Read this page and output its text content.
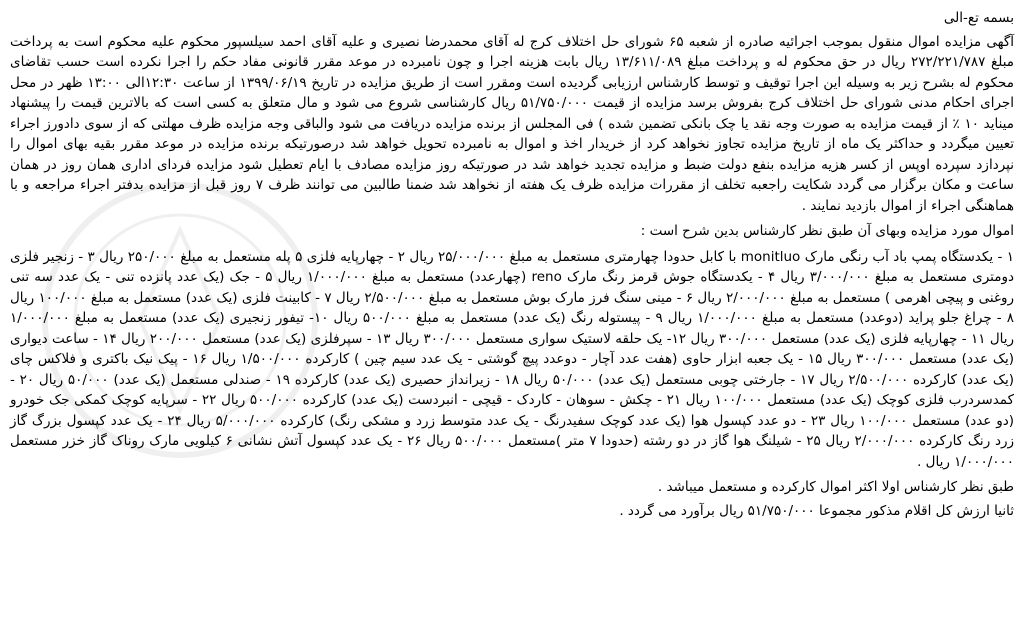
بسمه تع-الی
آگهی مزایده اموال منقول بموجب اجرائیه صادره از شعبه ۶۵ شورای حل اختلاف کرج له آقای محمدرضا نصیری و علیه آقای احمد سیلسپور محکوم علیه محکوم است به پرداخت مبلغ ۲۷۲/۲۲۱/۷۸۷ ریال در حق محکوم له و پرداخت مبلغ ۱۳/۶۱۱/۰۸۹ ریال بابت هزینه اجرا و چون نامبرده در موعد مقرر قانونی مفاد حکم را اجرا نکرده است حسب تقاضای محکوم له بشرح زیر به وسیله این اجرا توقیف و توسط کارشناس ارزیابی گردیده است ومقرر است از طریق مزایده در تاریخ ۱۳۹۹/۰۶/۱۹ از ساعت ۱۲:۳۰الی ۱۳:۰۰ ظهر در محل اجرای احکام مدنی شورای حل اختلاف کرج بفروش برسد مزایده از قیمت ۵۱/۷۵۰/۰۰۰ ریال کارشناسی شروع می شود و مال متعلق به کسی است که بالاترین قیمت را پیشنهاد میناید ۱۰ ٪ از قیمت مزایده به صورت وجه نقد یا چک بانکی تضمین شده ) فی المجلس از برنده مزایده دریافت می شود والباقی وجه مزایده ظرف مهلتی که از سوی دادورز اجراء تعیین میگردد و حداکثر یک ماه از تاریخ مزایده تجاوز نخواهد کرد از خریدار اخذ و اموال به نامبرده تحویل خواهد شد درصورتیکه برنده مزایده در موعد مقرر بقیه بهای اموال را نپردازد سپرده اوپس از کسر هزیه مزایده بنفع دولت ضبط و مزایده تجدید خواهد شد در صورتیکه روز مزایده مصادف با ایام تعطیل شود مزایده فردای اداری همان روز در همان ساعت و مکان برگزار می گردد شکایت راجعبه تخلف از مقررات مزایده ظرف یک هفته از نخواهد شد ضمنا طالبین می توانند ظرف ۷ روز قبل از مزایده بدفتر اجراء مراجعه و با هماهنگی اجراء از اموال بازدید نمایند .
اموال مورد مزایده وبهای آن طبق نظر کارشناس بدین شرح است :
۱ - یکدستگاه پمپ باد آب رنگی مارک monitluo با کابل حدودا چهارمتری مستعمل به مبلغ ۲۵/۰۰۰/۰۰۰ ریال ۲ - چهارپایه فلزی ۵ پله مستعمل به مبلغ ۲۵۰/۰۰۰ ریال ۳ - زنجیر فلزی دومتری مستعمل به مبلغ ۳/۰۰۰/۰۰۰ ریال ۴ - یکدستگاه جوش قرمز رنگ مارک reno (چهارعدد) مستعمل به مبلغ ۱/۰۰۰/۰۰۰ ریال ۵ - جک (یک عدد پانزده تنی - یک عدد سه تنی روغنی و پیچی اهرمی ) مستعمل به مبلغ ۲/۰۰۰/۰۰۰ ریال ۶ - مینی سنگ فرز مارک بوش مستعمل به مبلغ ۲/۵۰۰/۰۰۰ ریال ۷ - کابینت فلزی (یک عدد) مستعمل به مبلغ ۱۰۰/۰۰۰ ریال ۸ - چراغ جلو پراید (دوعدد) مستعمل به مبلغ ۱/۰۰۰/۰۰۰ ریال ۹ - پیستوله رنگ (یک عدد) مستعمل به مبلغ ۵۰۰/۰۰۰ ریال ۱۰- تیفور زنجیری (یک عدد) مستعمل به مبلغ ۱/۰۰۰/۰۰۰ ریال ۱۱ - چهارپایه فلزی (یک عدد) مستعمل ۳۰۰/۰۰۰ ریال ۱۲- یک حلقه لاستیک سواری مستعمل ۳۰۰/۰۰۰ ریال ۱۳ - سپرفلزی (یک عدد) مستعمل ۲۰۰/۰۰۰ ریال ۱۴ - ساعت دیواری (یک عدد) مستعمل ۳۰۰/۰۰۰ ریال ۱۵ - یک جعبه ابزار حاوی (هفت عدد آچار - دوعدد پیچ گوشتی - یک عدد سیم چین ) کارکرده ۱/۵۰۰/۰۰۰ ریال ۱۶ - پیک نیک باکتری و فلاکس چای (یک عدد) کارکرده ۲/۵۰۰/۰۰۰ ریال ۱۷ - جارختی چوبی مستعمل (یک عدد) ۵۰/۰۰۰ ریال ۱۸ - زیرانداز حصیری (یک عدد) کارکرده ۱۹ - صندلی مستعمل (یک عدد) ۵۰/۰۰۰ ریال ۲۰ - کمدسردرب فلزی کوچک (یک عدد) مستعمل ۱۰۰/۰۰۰ ریال ۲۱ - چکش - سوهان - کاردک - قیچی - انبردست (یک عدد) کارکرده ۵۰۰/۰۰۰ ریال ۲۲ - سرپایه کوچک کمکی جک خودرو (دو عدد) مستعمل ۱۰۰/۰۰۰ ریال ۲۳ - دو عدد کپسول هوا (یک عدد کوچک سفیدرنگ - یک عدد متوسط زرد و مشکی رنگ) کارکرده ۵/۰۰۰/۰۰۰ ریال ۲۴ - یک عدد کپسول بزرگ گاز زرد رنگ کارکرده ۲/۰۰۰/۰۰۰ ریال ۲۵ - شیلنگ هوا گاز در دو رشته (حدودا ۷ متر )مستعمل ۵۰۰/۰۰۰ ریال ۲۶ - یک عدد کپسول آتش نشانی ۶ کیلویی مارک روناک گاز خزر مستعمل ۱/۰۰۰/۰۰۰ ریال .
طبق نظر کارشناس اولا اکثر اموال کارکرده و مستعمل میباشد .
ثانیا ارزش کل اقلام مذکور مجموعا ۵۱/۷۵۰/۰۰۰ ریال برآورد می گردد .
